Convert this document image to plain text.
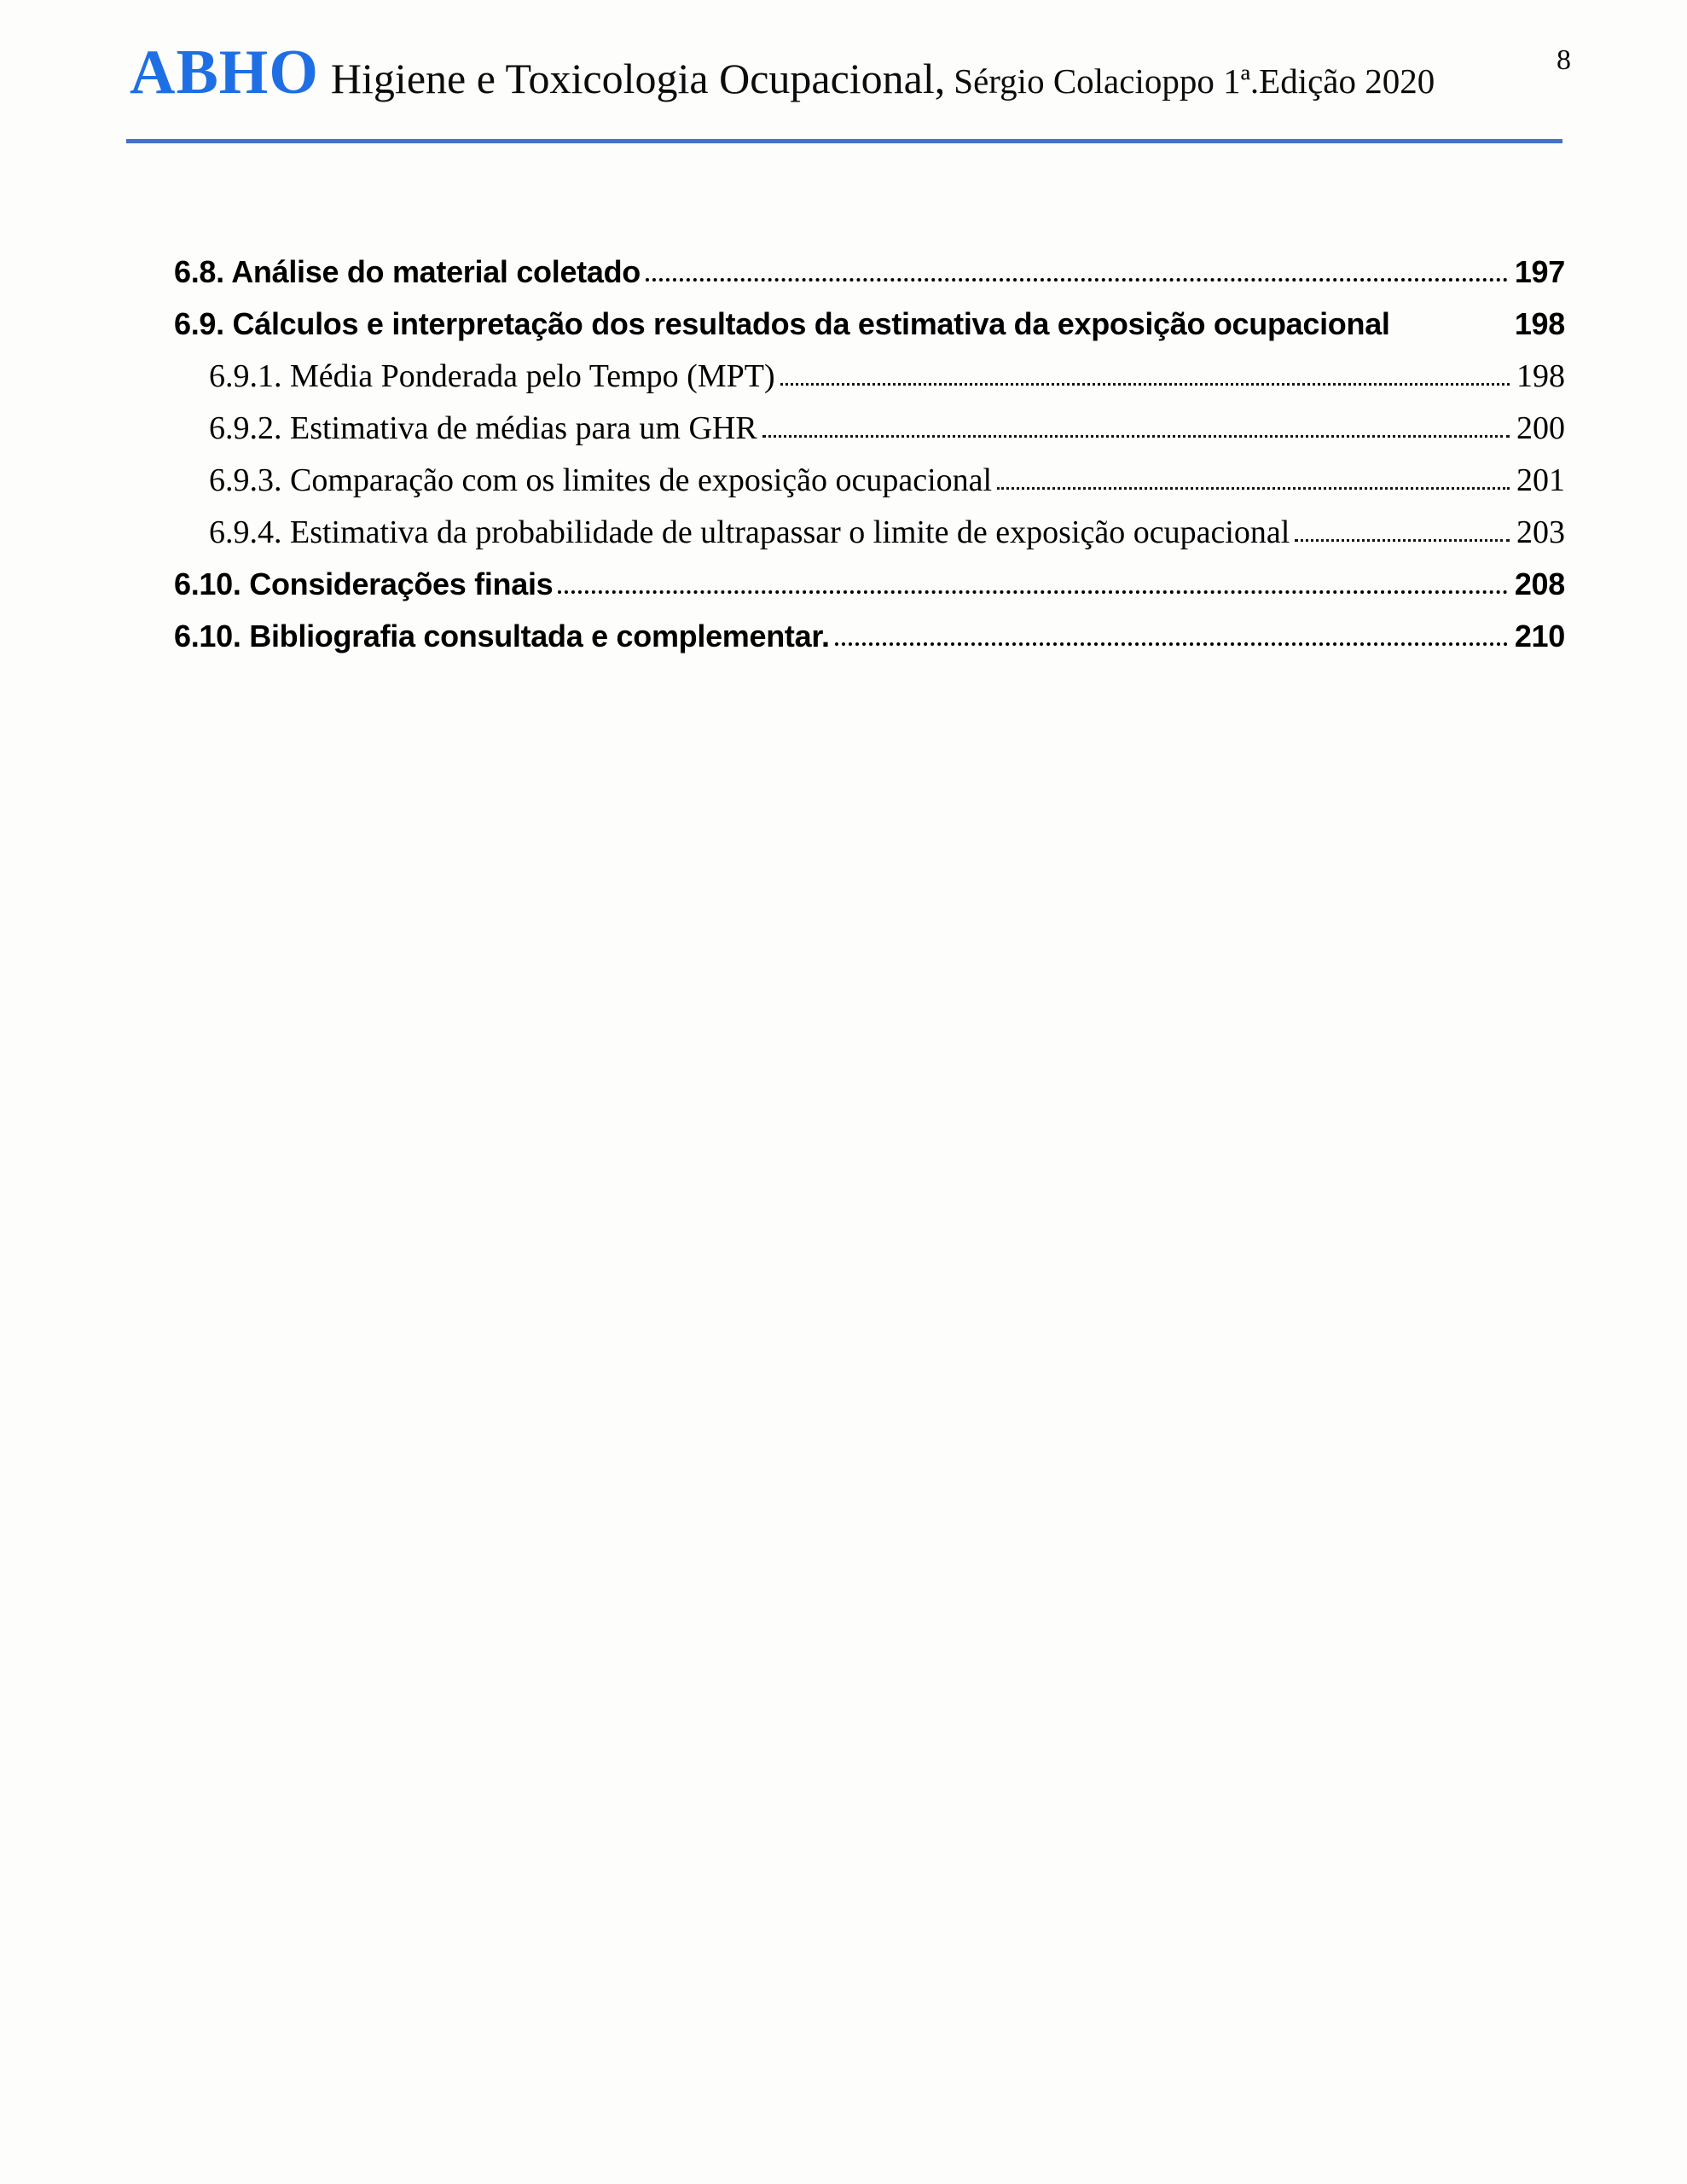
ABHO Higiene e Toxicologia Ocupacional, Sérgio Colacioppo 1ª.Edição 2020
8
6.8. Análise do material coletado	197
6.9. Cálculos e interpretação dos resultados da estimativa da exposição ocupacional	198
6.9.1. Média Ponderada pelo Tempo (MPT)	198
6.9.2. Estimativa de médias para um GHR	200
6.9.3. Comparação com os limites de exposição ocupacional	201
6.9.4. Estimativa da probabilidade de ultrapassar o limite de exposição ocupacional	203
6.10. Considerações finais	208
6.10. Bibliografia consultada e complementar.	210
